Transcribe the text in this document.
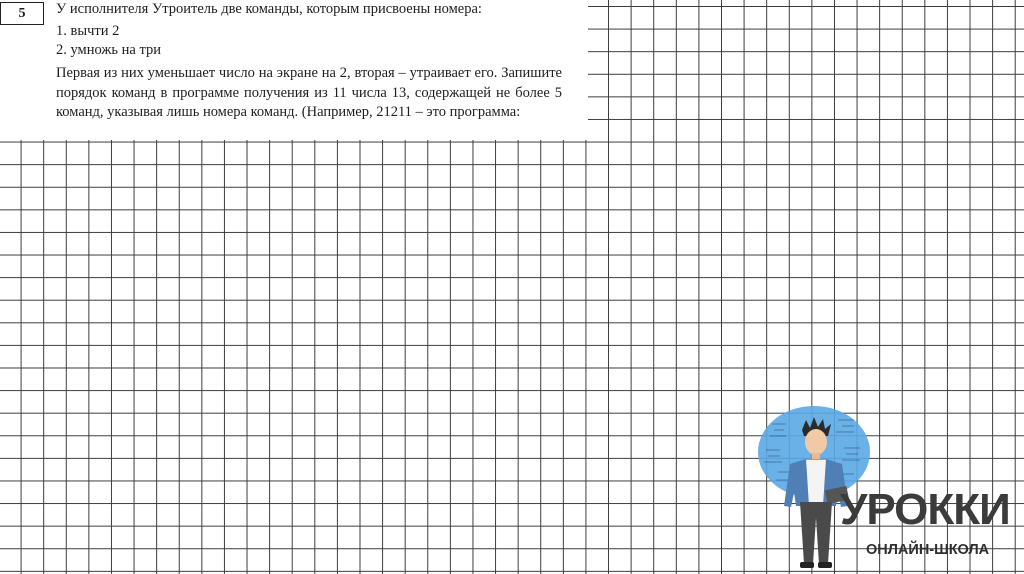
5	У исполнителя Утроитель две команды, которым присвоены номера:
1. вычти 2
2. умножь на три
Первая из них уменьшает число на экране на 2, вторая – утраивает его. Запишите порядок команд в программе получения из 11 числа 13, содержащей не более 5 команд, указывая лишь номера команд. (Например, 21211 – это программа:
УРОККИ
ОНЛАЙН-ШКОЛА
